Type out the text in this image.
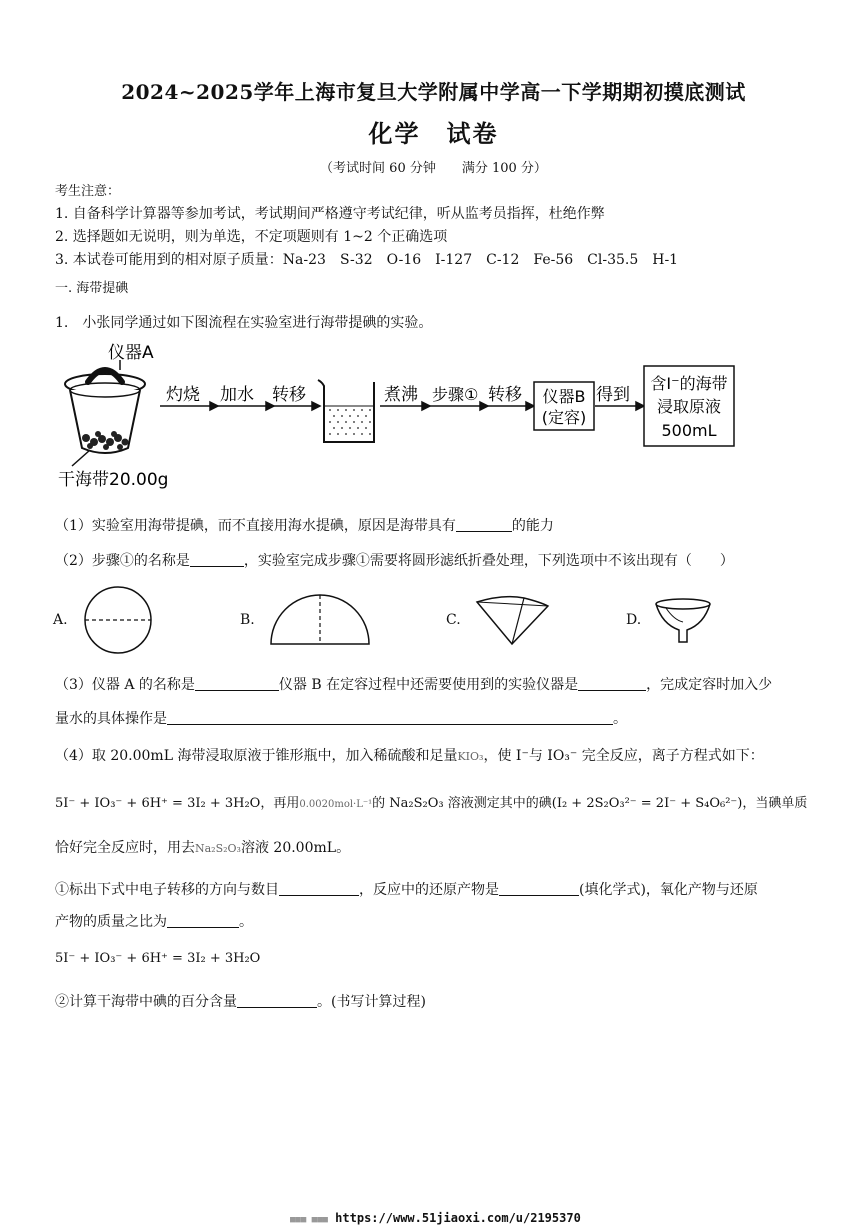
2024~2025学年上海市复旦大学附属中学高一下学期期初摸底测试
化学　试卷
（考试时间 60 分钟　　满分 100 分）
考生注意：
1. 自备科学计算器等参加考试，考试期间严格遵守考试纪律，听从监考员指挥，杜绝作弊
2. 选择题如无说明，则为单选，不定项题则有 1~2 个正确选项
3. 本试卷可能用到的相对原子质量：Na-23　S-32　O-16　I-127　C-12　Fe-56　Cl-35.5　H-1
一. 海带提碘
1.　小张同学通过如下图流程在实验室进行海带提碘的实验。
仪器A
干海带20.00g
灼烧 加水 转移	煮沸 步骤① 转移	得到
仪器B
(定容)
含I⁻的海带
浸取原液
500mL
（1）实验室用海带提碘，而不直接用海水提碘，原因是海带具有	的能力
（2）步骤①的名称是	，实验室完成步骤①需要将圆形滤纸折叠处理，下列选项中不该出现有（　　）
A.	B.	C.	D.
（3）仪器 A 的名称是	仪器 B 在定容过程中还需要使用到的实验仪器是	，完成定容时加入少
量水的具体操作是	。
（4）取 20.00mL 海带浸取原液于锥形瓶中，加入稀硫酸和足量KIO₃，使 I⁻与 IO₃⁻ 完全反应，离子方程式如下：
5I⁻ + IO₃⁻ + 6H⁺ = 3I₂ + 3H₂O，再用0.0020mol·L⁻¹的 Na₂S₂O₃ 溶液测定其中的碘(I₂ + 2S₂O₃²⁻ = 2I⁻ + S₄O₆²⁻)，当碘单质
恰好完全反应时，用去Na₂S₂O₃溶液 20.00mL。
①标出下式中电子转移的方向与数目	，反应中的还原产物是	(填化学式)，氧化产物与还原
产物的质量之比为	。
5I⁻ + IO₃⁻ + 6H⁺ = 3I₂ + 3H₂O
②计算干海带中碘的百分含量	。(书写计算过程)
■■■ ■■■ https://www.51jiaoxi.com/u/2195370
